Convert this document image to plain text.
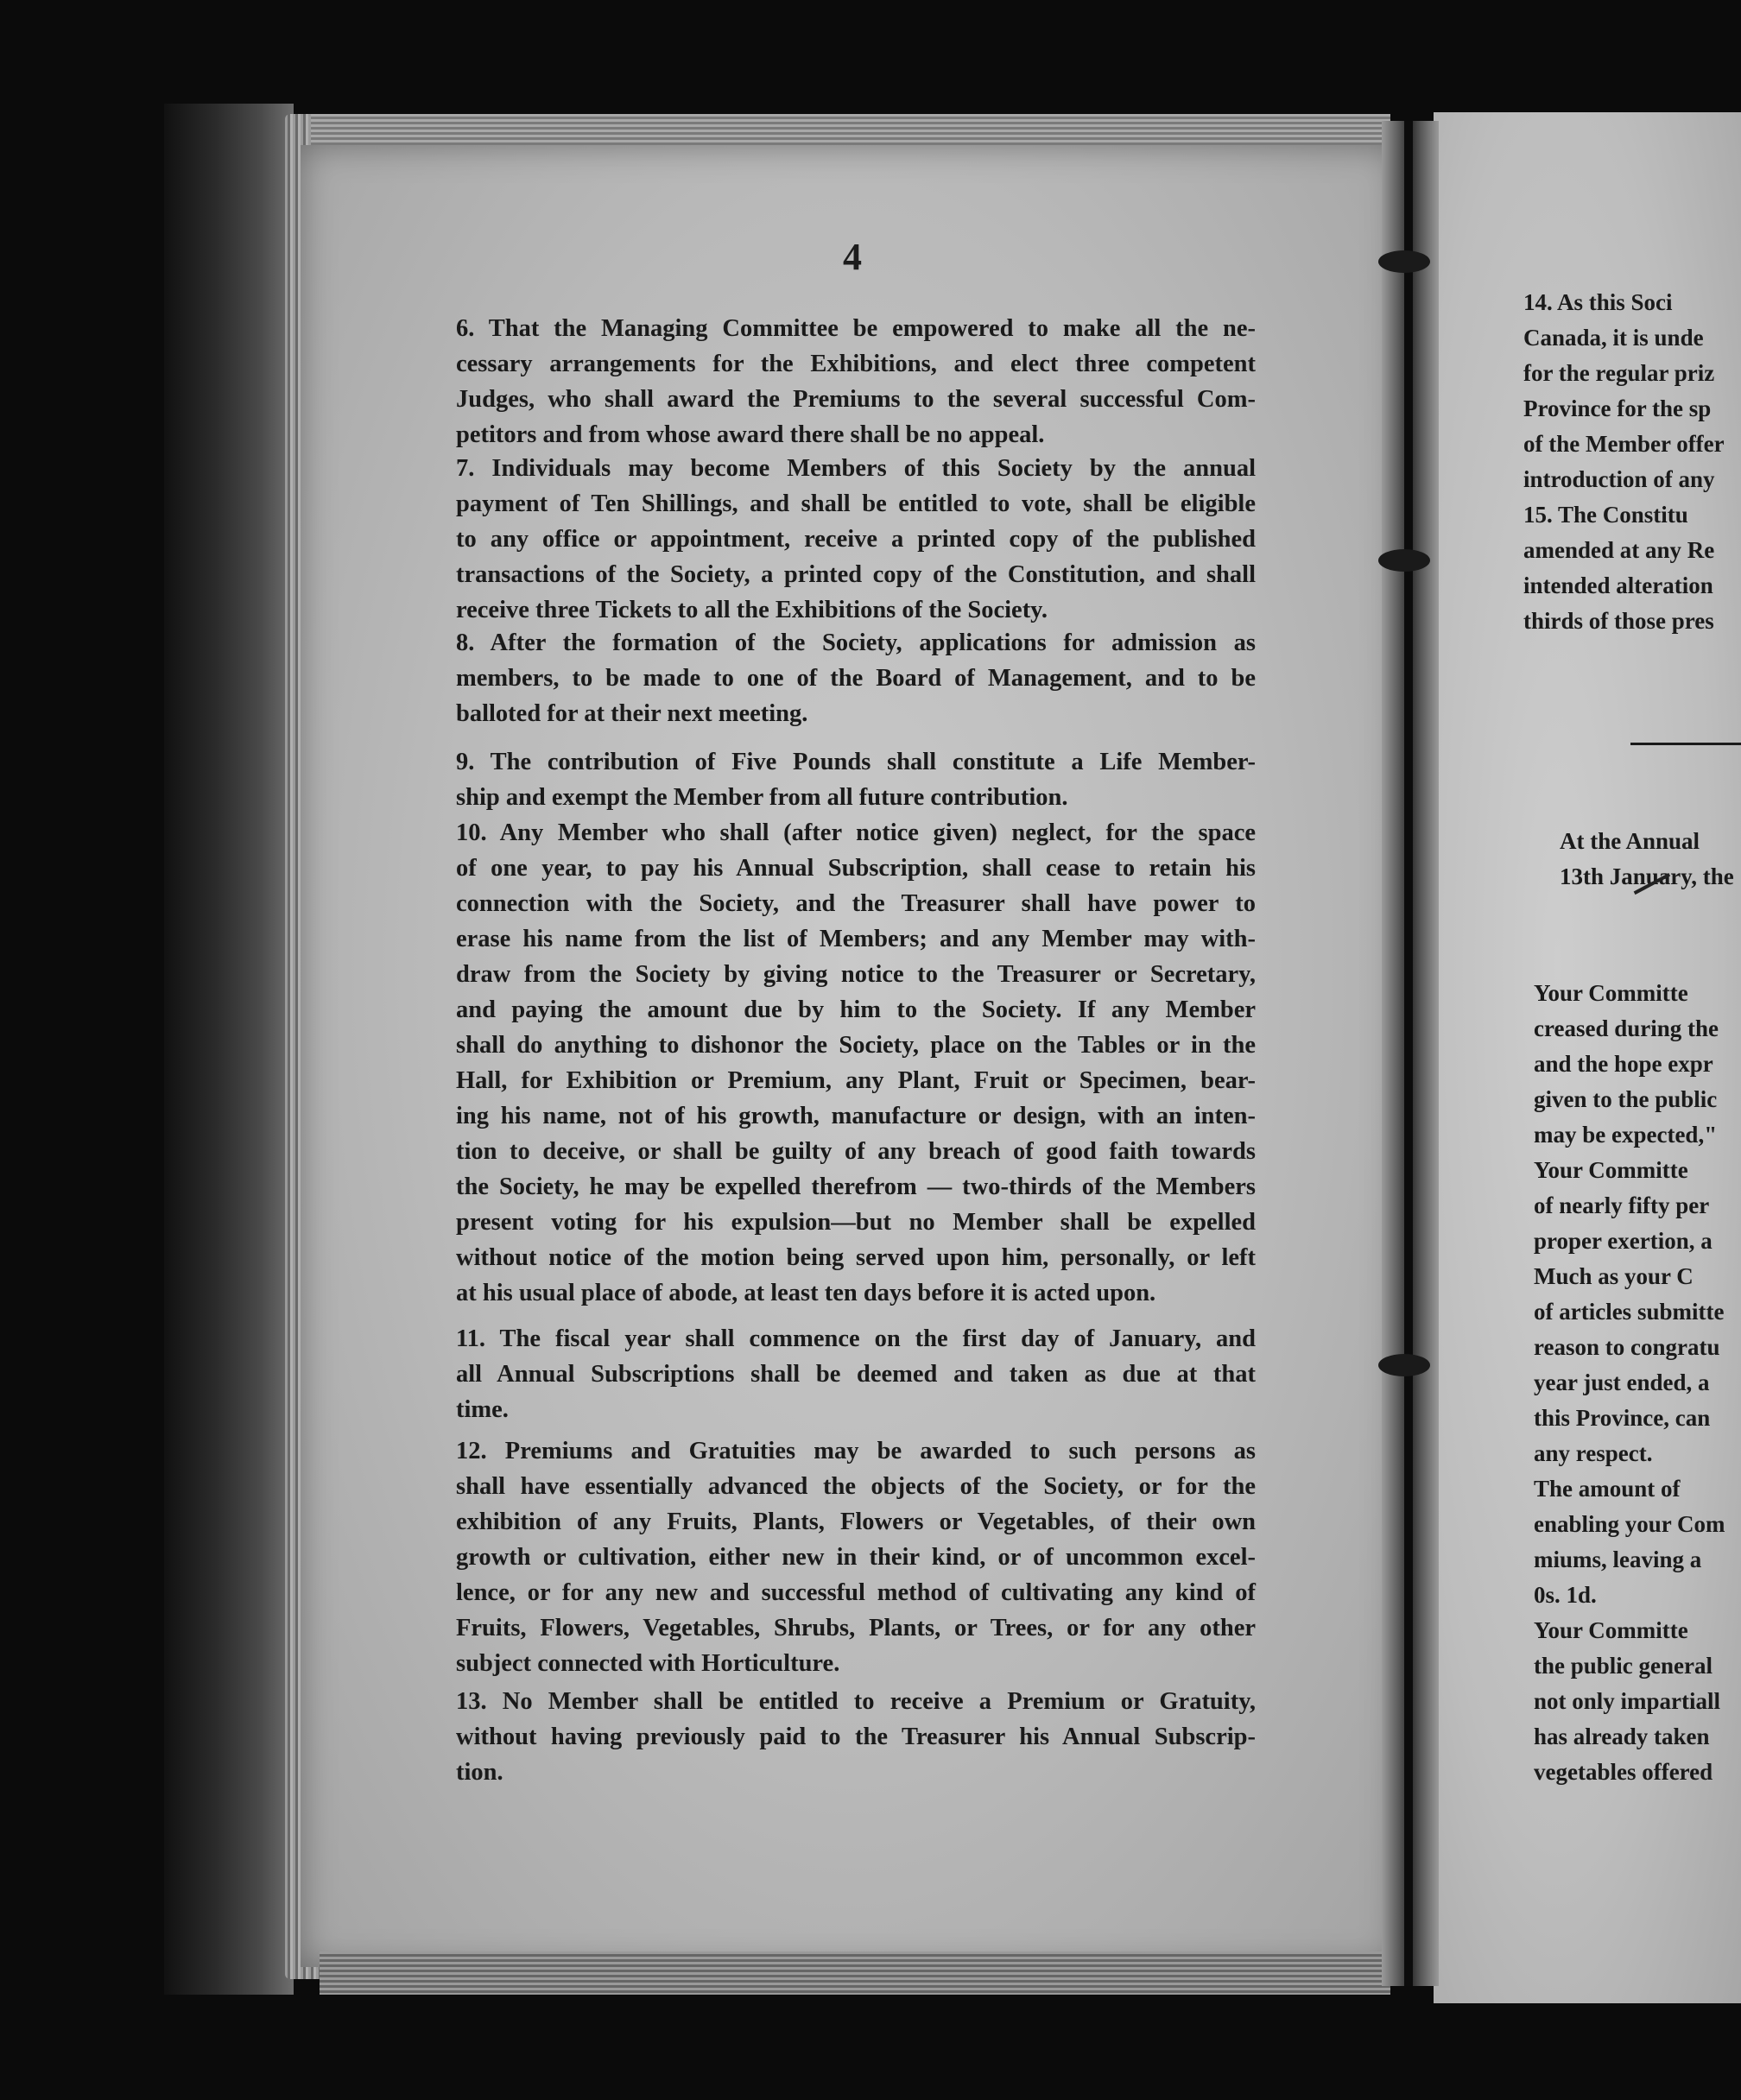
4
6. That the Managing Committee be empowered to make all the ne-
cessary arrangements for the Exhibitions, and elect three competent
Judges, who shall award the Premiums to the several successful Com-
petitors and from whose award there shall be no appeal.
7. Individuals may become Members of this Society by the annual
payment of Ten Shillings, and shall be entitled to vote, shall be eligible
to any office or appointment, receive a printed copy of the published
transactions of the Society, a printed copy of the Constitution, and shall
receive three Tickets to all the Exhibitions of the Society.
8. After the formation of the Society, applications for admission as
members, to be made to one of the Board of Management, and to be
balloted for at their next meeting.
9. The contribution of Five Pounds shall constitute a Life Member-
ship and exempt the Member from all future contribution.
10. Any Member who shall (after notice given) neglect, for the space
of one year, to pay his Annual Subscription, shall cease to retain his
connection with the Society, and the Treasurer shall have power to
erase his name from the list of Members; and any Member may with-
draw from the Society by giving notice to the Treasurer or Secretary,
and paying the amount due by him to the Society. If any Member
shall do anything to dishonor the Society, place on the Tables or in the
Hall, for Exhibition or Premium, any Plant, Fruit or Specimen, bear-
ing his name, not of his growth, manufacture or design, with an inten-
tion to deceive, or shall be guilty of any breach of good faith towards
the Society, he may be expelled therefrom — two-thirds of the Members
present voting for his expulsion—but no Member shall be expelled
without notice of the motion being served upon him, personally, or left
at his usual place of abode, at least ten days before it is acted upon.
11. The fiscal year shall commence on the first day of January, and
all Annual Subscriptions shall be deemed and taken as due at that
time.
12. Premiums and Gratuities may be awarded to such persons as
shall have essentially advanced the objects of the Society, or for the
exhibition of any Fruits, Plants, Flowers or Vegetables, of their own
growth or cultivation, either new in their kind, or of uncommon excel-
lence, or for any new and successful method of cultivating any kind of
Fruits, Flowers, Vegetables, Shrubs, Plants, or Trees, or for any other
subject connected with Horticulture.
13. No Member shall be entitled to receive a Premium or Gratuity,
without having previously paid to the Treasurer his Annual Subscrip-
tion.
14. As this Soci
Canada, it is unde
for the regular priz
Province for the sp
of the Member offer
introduction of any
15. The Constitu
amended at any Re
intended alteration
thirds of those pres
At the Annual
13th January, the
Your Committe
creased during the
and the hope expr
given to the public
may be expected,"
Your Committe
of nearly fifty per
proper exertion, a
Much as your C
of articles submitte
reason to congratu
year just ended, a
this Province, can
any respect.
The amount of
enabling your Com
miums, leaving a
0s. 1d.
Your Committe
the public general
not only impartiall
has already taken
vegetables offered
